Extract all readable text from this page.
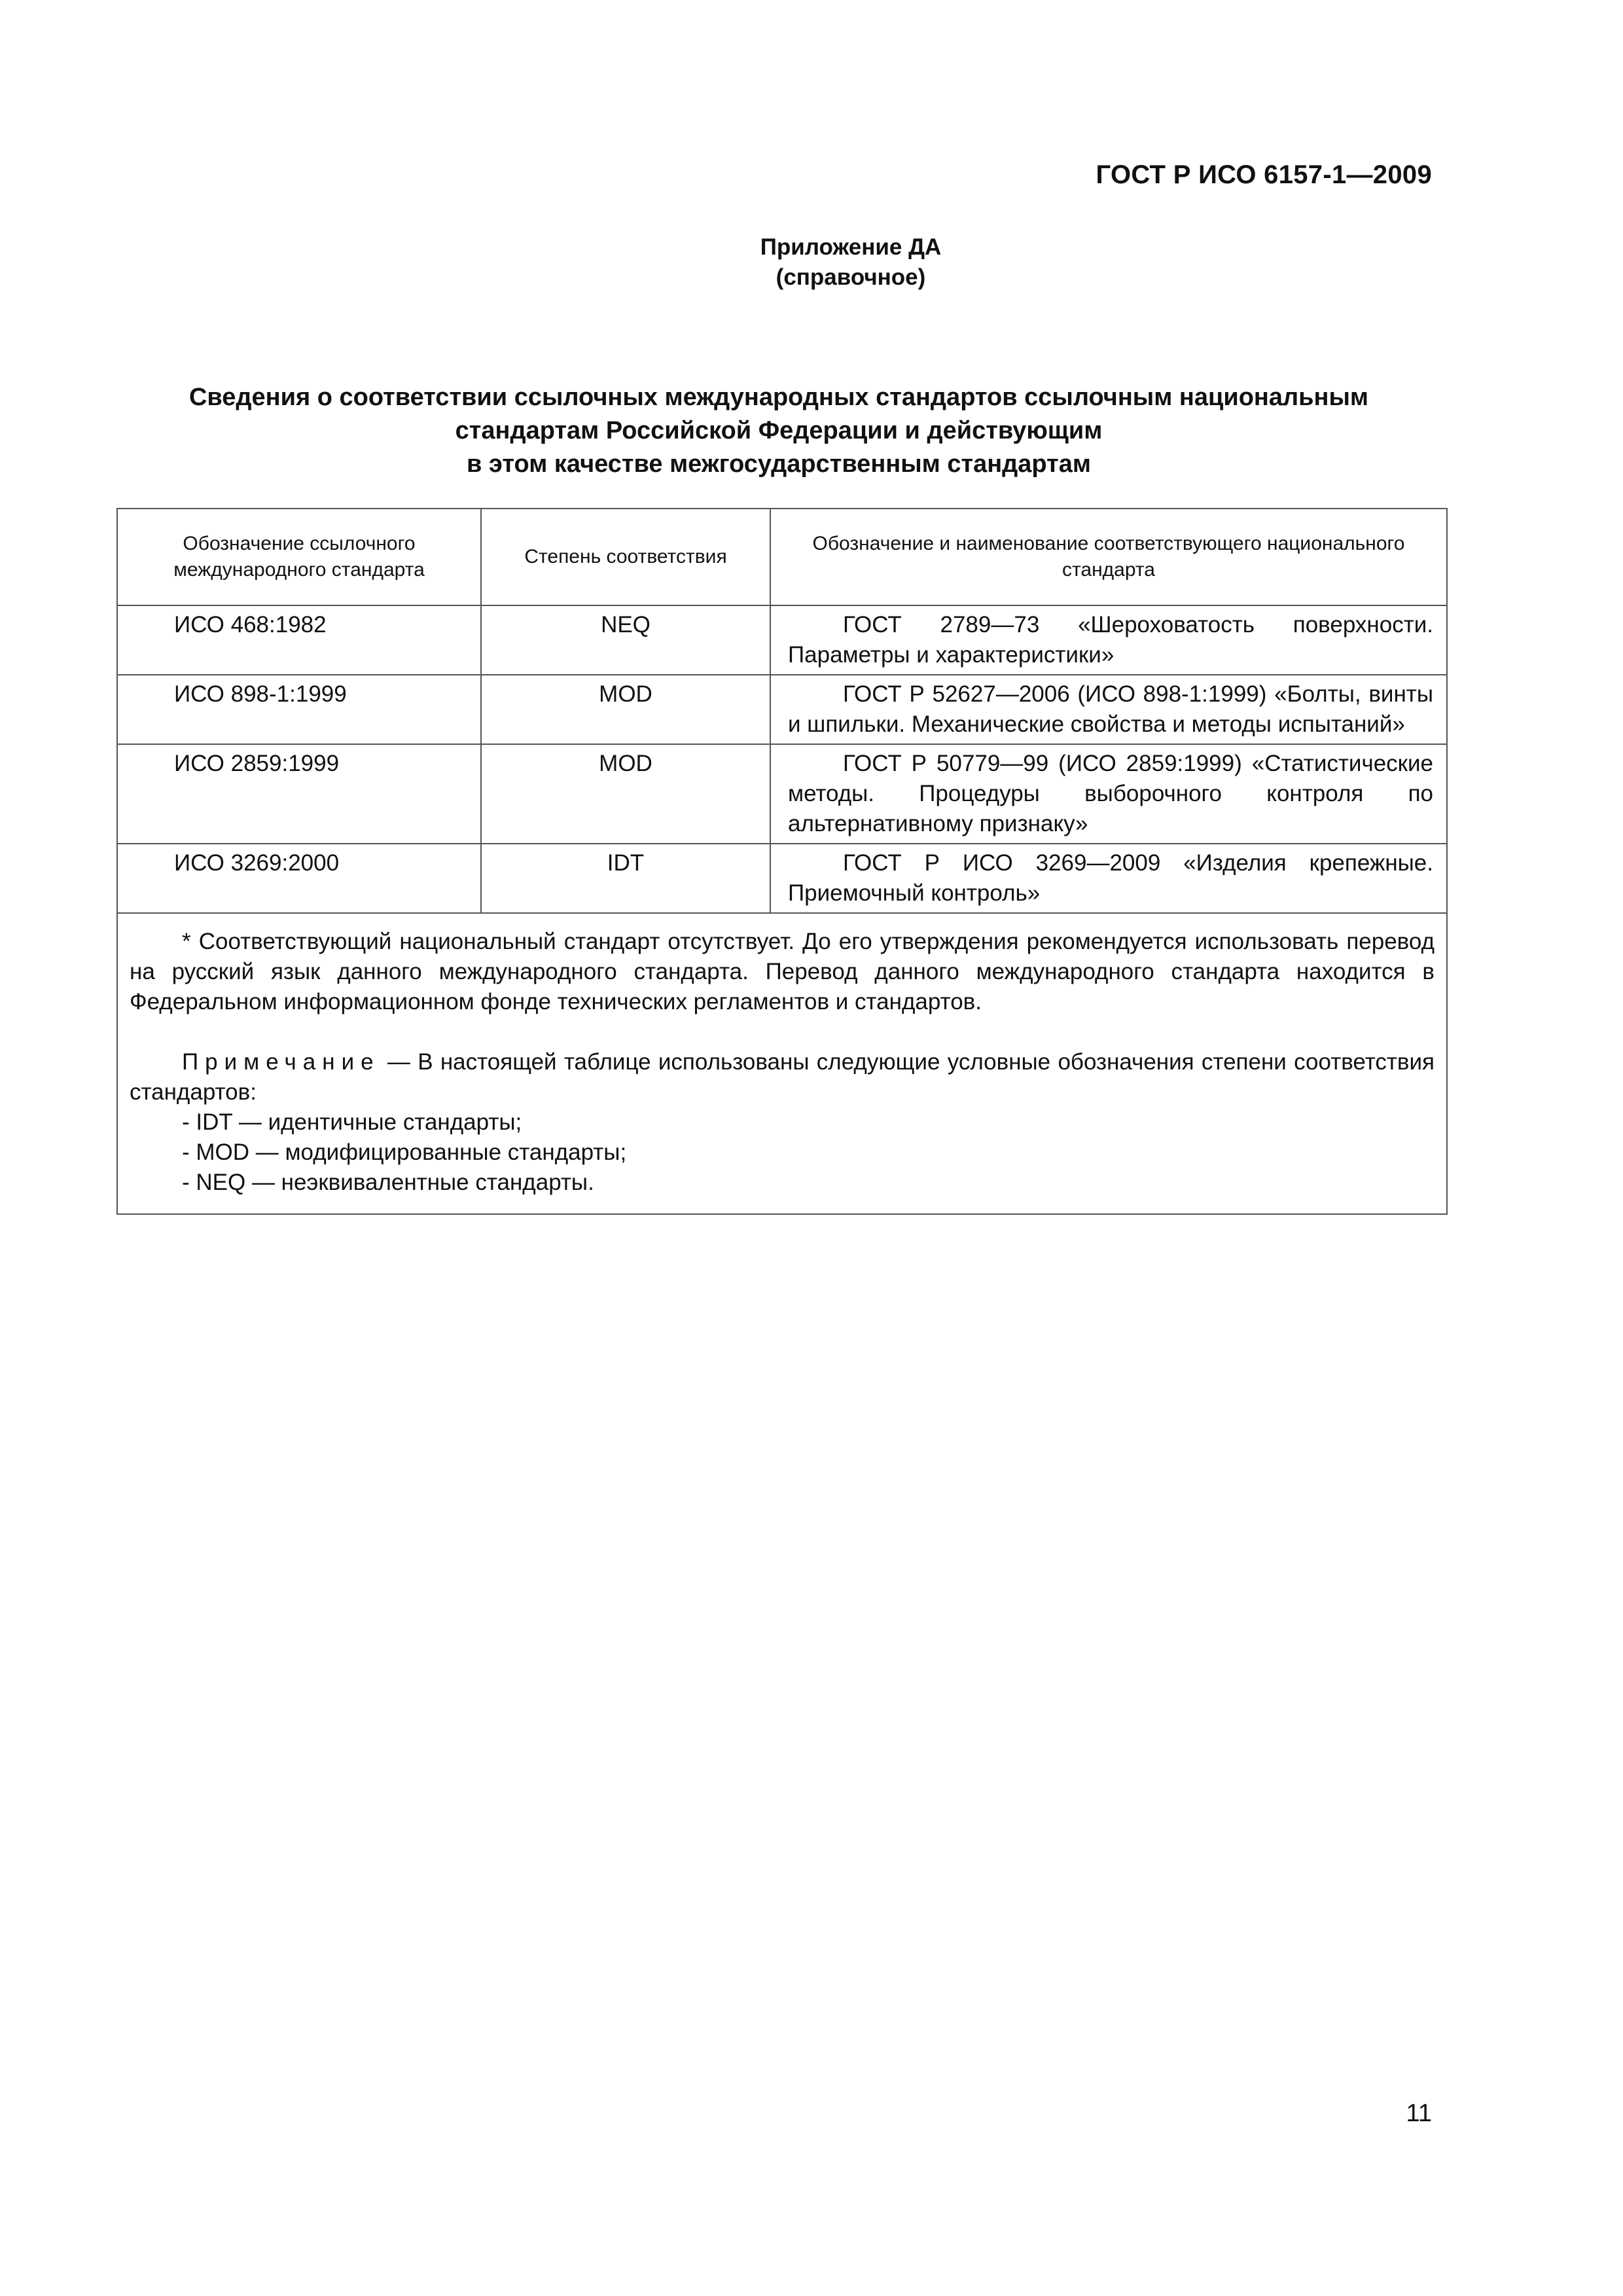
ГОСТ Р ИСО 6157-1—2009
Приложение ДА
(справочное)
Сведения о соответствии ссылочных международных стандартов ссылочным национальным
стандартам Российской Федерации и действующим
в этом качестве межгосударственным стандартам
Обозначение ссылочного международного стандарта	Степень соответствия	Обозначение и наименование соответствующего национального стандарта
ИСО 468:1982	NEQ	ГОСТ 2789—73 «Шероховатость поверхности. Параметры и характеристики»
ИСО 898-1:1999	MOD	ГОСТ Р 52627—2006 (ИСО 898-1:1999) «Болты, винты и шпильки. Механические свойства и методы испытаний»
ИСО 2859:1999	MOD	ГОСТ Р 50779—99 (ИСО 2859:1999) «Статистические методы. Процедуры выборочного контроля по альтернативному признаку»
ИСО 3269:2000	IDT	ГОСТ Р ИСО 3269—2009 «Изделия крепежные. Приемочный контроль»

* Соответствующий национальный стандарт отсутствует. До его утверждения рекомендуется использовать перевод на русский язык данного международного стандарта. Перевод данного международного стандарта находится в Федеральном информационном фонде технических регламентов и стандартов.

Примечание — В настоящей таблице использованы следующие условные обозначения степени соответствия стандартов:

- IDT — идентичные стандарты;
- MOD — модифицированные стандарты;
- NEQ — неэквивалентные стандарты.		
11
